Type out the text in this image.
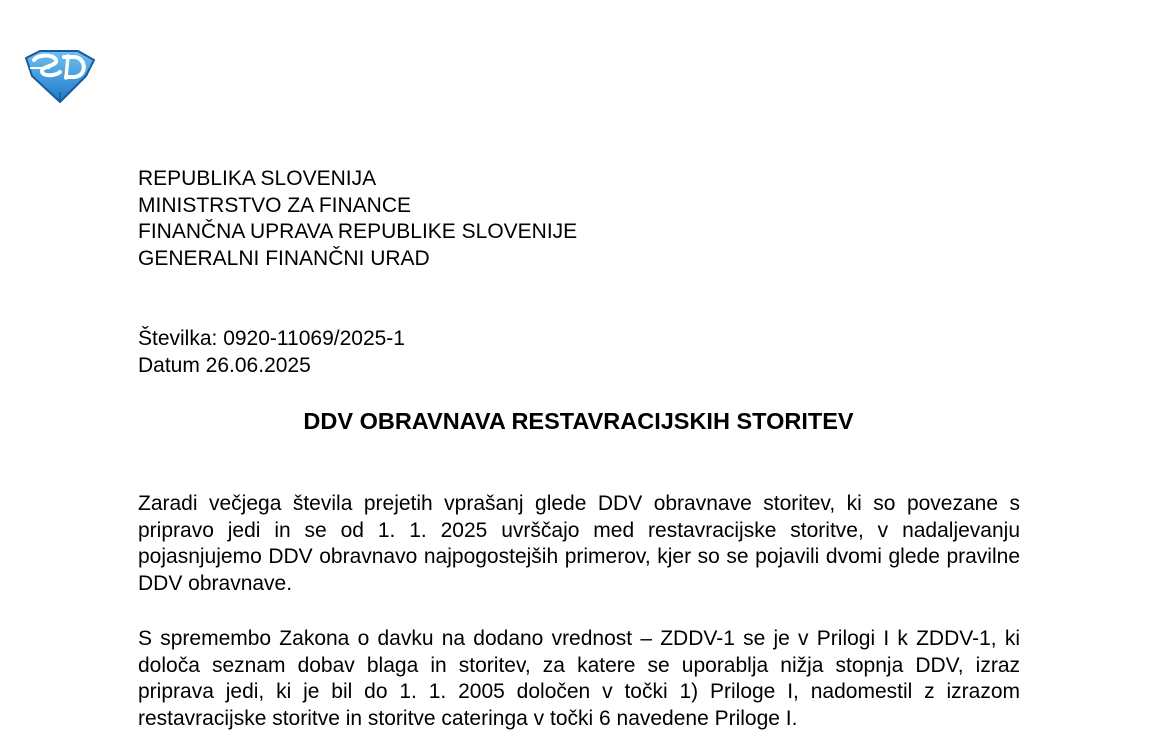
REPUBLIKA SLOVENIJA
MINISTRSTVO ZA FINANCE
FINANČNA UPRAVA REPUBLIKE SLOVENIJE
GENERALNI FINANČNI URAD
Številka: 0920-11069/2025-1
Datum 26.06.2025
DDV OBRAVNAVA RESTAVRACIJSKIH STORITEV

Zaradi večjega števila prejetih vprašanj glede DDV obravnave storitev, ki so povezane s pripravo jedi in se od 1. 1. 2025 uvrščajo med restavracijske storitve, v nadaljevanju pojasnjujemo DDV obravnavo najpogostejših primerov, kjer so se pojavili dvomi glede pravilne DDV obravnave.

S spremembo Zakona o davku na dodano vrednost – ZDDV-1 se je v Prilogi I k ZDDV-1, ki določa seznam dobav blaga in storitev, za katere se uporablja nižja stopnja DDV, izraz priprava jedi, ki je bil do 1. 1. 2005 določen v točki 1) Priloge I, nadomestil z izrazom restavracijske storitve in storitve cateringa v točki 6 navedene Priloge I.
